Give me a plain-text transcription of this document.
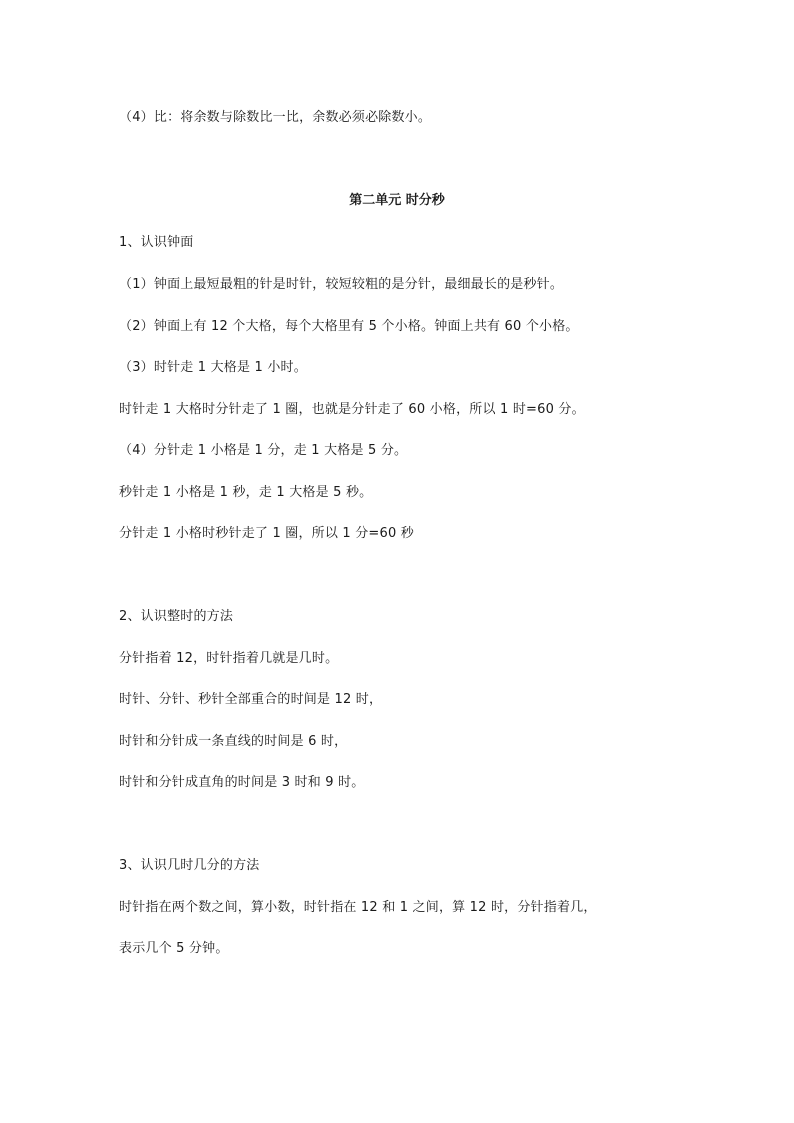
（4）比：将余数与除数比一比，余数必须必除数小。
第二单元 时分秒
1、认识钟面
（1）钟面上最短最粗的针是时针，较短较粗的是分针，最细最长的是秒针。
（2）钟面上有 12 个大格，每个大格里有 5 个小格。钟面上共有 60 个小格。
（3）时针走 1 大格是 1 小时。
时针走 1 大格时分针走了 1 圈，也就是分针走了 60 小格，所以 1 时=60 分。
（4）分针走 1 小格是 1 分，走 1 大格是 5 分。
秒针走 1 小格是 1 秒，走 1 大格是 5 秒。
分针走 1 小格时秒针走了 1 圈，所以 1 分=60 秒
2、认识整时的方法
分针指着 12，时针指着几就是几时。
时针、分针、秒针全部重合的时间是 12 时，
时针和分针成一条直线的时间是 6 时，
时针和分针成直角的时间是 3 时和 9 时。
3、认识几时几分的方法
时针指在两个数之间，算小数，时针指在 12 和 1 之间，算 12 时，分针指着几，
表示几个 5 分钟。
